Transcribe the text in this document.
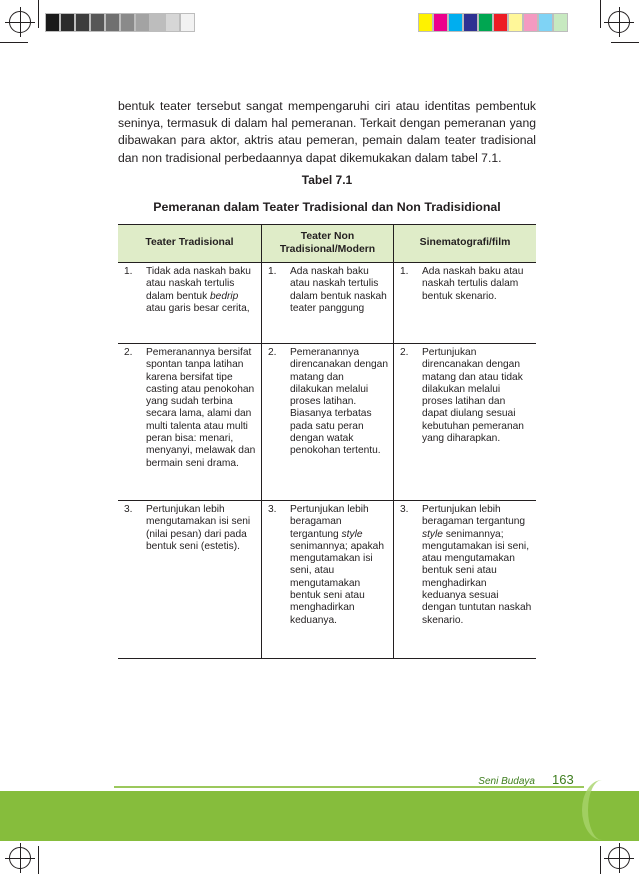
bentuk teater tersebut sangat mempengaruhi ciri atau identitas pembentuk seninya, termasuk di dalam hal pemeranan. Terkait dengan pemeranan yang dibawakan para aktor, aktris atau pemeran, pemain dalam teater tradisional dan non tradisional perbedaannya dapat dikemukakan dalam tabel 7.1.
Tabel 7.1
Pemeranan dalam Teater Tradisional dan Non Tradisidional
Teater Tradisional
Teater Non Tradisional/Modern
Sinematografi/film
1.	Tidak ada naskah baku atau naskah tertulis dalam bentuk bedrip atau garis besar cerita,
1.	Ada naskah baku atau naskah tertulis dalam bentuk naskah teater panggung
1.	Ada naskah baku atau naskah tertulis dalam bentuk skenario.
2.	Pemeranannya bersifat spontan tanpa latihan karena bersifat tipe casting atau penokohan yang sudah terbina secara lama, alami dan multi talenta atau multi peran bisa: menari, menyanyi, melawak dan bermain seni drama.
2.	Pemeranannya direncanakan dengan matang dan dilakukan melalui proses latihan. Biasanya terbatas pada satu peran dengan watak penokohan tertentu.
2.	Pertunjukan direncanakan dengan matang dan atau tidak dilakukan melalui proses latihan dan dapat diulang sesuai kebutuhan pemeranan yang diharapkan.
3.	Pertunjukan lebih mengutamakan isi seni (nilai pesan) dari pada bentuk seni (estetis).
3.	Pertunjukan lebih beragaman tergantung style senimannya; apakah mengutamakan isi seni, atau mengutamakan bentuk seni atau menghadirkan keduanya.
3.	Pertunjukan lebih beragaman tergantung style senimannya; mengutamakan isi seni, atau mengutamakan bentuk seni atau menghadirkan keduanya sesuai dengan tuntutan naskah skenario.
Seni Budaya 163
